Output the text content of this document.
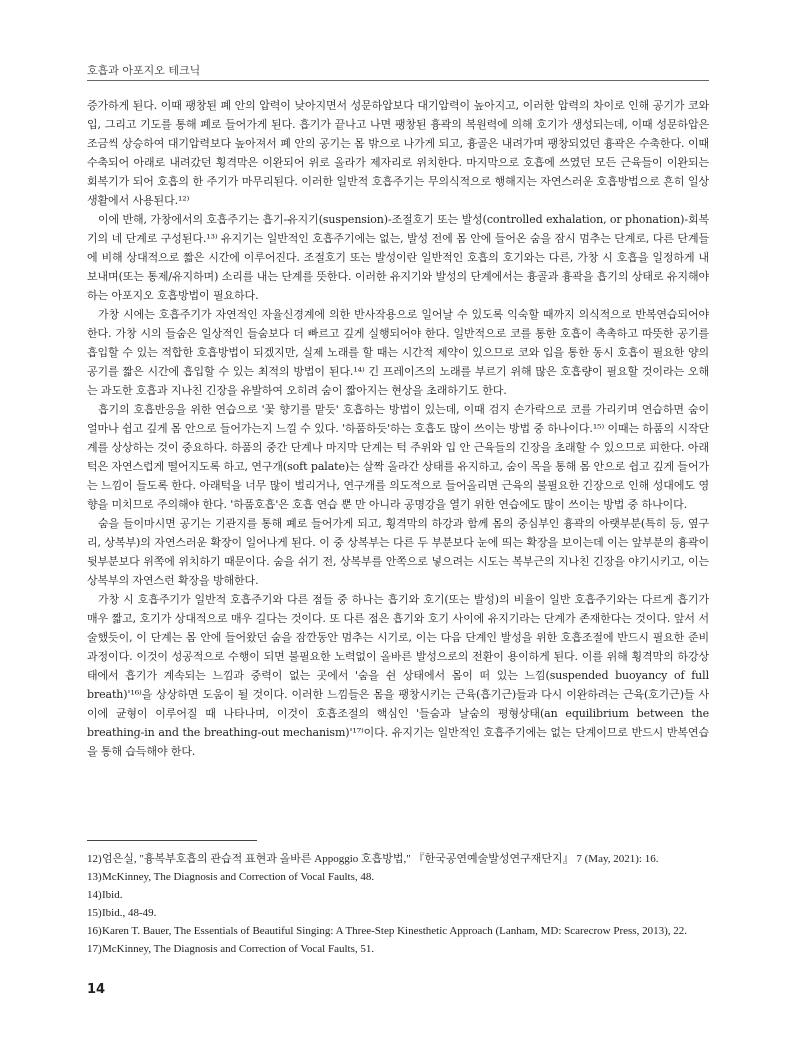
호흡과 아포지오 테크닉

증가하게 된다. 이때 팽창된 폐 안의 압력이 낮아지면서 성문하압보다 대기압력이 높아지고, 이러한 압력의 차이로 인해 공기가 코와 입, 그리고 기도를 통해 폐로 들어가게 된다. 흡기가 끝나고 나면 팽창된 흉곽의 복원력에 의해 호기가 생성되는데, 이때 성문하압은 조금씩 상승하여 대기압력보다 높아져서 폐 안의 공기는 몸 밖으로 나가게 되고, 흉골은 내려가며 팽창되었던 흉곽은 수축한다. 이때 수축되어 아래로 내려갔던 횡격막은 이완되어 위로 올라가 제자리로 위치한다. 마지막으로 호흡에 쓰였던 모든 근육들이 이완되는 회복기가 되어 호흡의 한 주기가 마무리된다. 이러한 일반적 호흡주기는 무의식적으로 행해지는 자연스러운 호흡방법으로 흔히 일상생활에서 사용된다.¹²⁾

이에 반해, 가창에서의 호흡주기는 흡기-유지기(suspension)-조절호기 또는 발성(controlled exhalation, or phonation)-회복기의 네 단계로 구성된다.¹³⁾ 유지기는 일반적인 호흡주기에는 없는, 발성 전에 몸 안에 들어온 숨을 잠시 멈추는 단계로, 다른 단계들에 비해 상대적으로 짧은 시간에 이루어진다. 조절호기 또는 발성이란 일반적인 호흡의 호기와는 다른, 가창 시 호흡을 일정하게 내보내며(또는 통제/유지하며) 소리를 내는 단계를 뜻한다. 이러한 유지기와 발성의 단계에서는 흉골과 흉곽을 흡기의 상태로 유지해야 하는 아포지오 호흡방법이 필요하다.

가창 시에는 호흡주기가 자연적인 자율신경계에 의한 반사작용으로 일어날 수 있도록 익숙할 때까지 의식적으로 반복연습되어야 한다. 가창 시의 들숨은 일상적인 들숨보다 더 빠르고 깊게 실행되어야 한다. 일반적으로 코를 통한 호흡이 촉촉하고 따뜻한 공기를 흡입할 수 있는 적합한 호흡방법이 되겠지만, 실제 노래를 할 때는 시간적 제약이 있으므로 코와 입을 통한 동시 호흡이 필요한 양의 공기를 짧은 시간에 흡입할 수 있는 최적의 방법이 된다.¹⁴⁾ 긴 프레이즈의 노래를 부르기 위해 많은 호흡량이 필요할 것이라는 오해는 과도한 호흡과 지나친 긴장을 유발하여 오히려 숨이 짧아지는 현상을 초래하기도 한다.

흡기의 호흡반응을 위한 연습으로 '꽃 향기를 맡듯' 호흡하는 방법이 있는데, 이때 검지 손가락으로 코를 가리키며 연습하면 숨이 얼마나 쉽고 깊게 몸 안으로 들어가는지 느낄 수 있다. '하품하듯'하는 호흡도 많이 쓰이는 방법 중 하나이다.¹⁵⁾ 이때는 하품의 시작단계를 상상하는 것이 중요하다. 하품의 중간 단계나 마지막 단계는 턱 주위와 입 안 근육들의 긴장을 초래할 수 있으므로 피한다. 아래턱은 자연스럽게 떨어지도록 하고, 연구개(soft palate)는 살짝 올라간 상태를 유지하고, 숨이 목을 통해 몸 안으로 쉽고 깊게 들어가는 느낌이 들도록 한다. 아래턱을 너무 많이 벌리거나, 연구개를 의도적으로 들어올리면 근육의 불필요한 긴장으로 인해 성대에도 영향을 미치므로 주의해야 한다. '하품호흡'은 호흡 연습 뿐 만 아니라 공명강을 열기 위한 연습에도 많이 쓰이는 방법 중 하나이다.

숨을 들이마시면 공기는 기관지를 통해 폐로 들어가게 되고, 횡격막의 하강과 함께 몸의 중심부인 흉곽의 아랫부분(특히 등, 옆구리, 상복부)의 자연스러운 확장이 일어나게 된다. 이 중 상복부는 다른 두 부분보다 눈에 띄는 확장을 보이는데 이는 앞부분의 흉곽이 뒷부분보다 위쪽에 위치하기 때문이다. 숨을 쉬기 전, 상복부를 안쪽으로 넣으려는 시도는 복부근의 지나친 긴장을 야기시키고, 이는 상복부의 자연스런 확장을 방해한다.

가창 시 호흡주기가 일반적 호흡주기와 다른 점들 중 하나는 흡기와 호기(또는 발성)의 비율이 일반 호흡주기와는 다르게 흡기가 매우 짧고, 호기가 상대적으로 매우 길다는 것이다. 또 다른 점은 흡기와 호기 사이에 유지기라는 단계가 존재한다는 것이다. 앞서 서술했듯이, 이 단계는 몸 안에 들어왔던 숨을 잠깐동안 멈추는 시기로, 이는 다음 단계인 발성을 위한 호흡조절에 반드시 필요한 준비과정이다. 이것이 성공적으로 수행이 되면 불필요한 노력없이 올바른 발성으로의 전환이 용이하게 된다. 이를 위해 횡격막의 하강상태에서 흡기가 계속되는 느낌과 중력이 없는 곳에서 '숨을 쉰 상태에서 몸이 떠 있는 느낌(suspended buoyancy of full breath)'¹⁶⁾을 상상하면 도움이 될 것이다. 이러한 느낌들은 몸을 팽창시키는 근육(흡기근)들과 다시 이완하려는 근육(호기근)들 사이에 균형이 이루어질 때 나타나며, 이것이 호흡조절의 핵심인 '들숨과 날숨의 평형상태(an equilibrium between the breathing-in and the breathing-out mechanism)'¹⁷⁾이다. 유지기는 일반적인 호흡주기에는 없는 단계이므로 반드시 반복연습을 통해 습득해야 한다.

12) 엄은실, "흉복부호흡의 관습적 표현과 올바른 Appoggio 호흡방법," 『한국공연예술발성연구재단지』 7 (May, 2021): 16.
13) McKinney, The Diagnosis and Correction of Vocal Faults, 48.
14) Ibid.
15) Ibid., 48-49.
16) Karen T. Bauer, The Essentials of Beautiful Singing: A Three-Step Kinesthetic Approach (Lanham, MD: Scarecrow Press, 2013), 22.
17) McKinney, The Diagnosis and Correction of Vocal Faults, 51.
14
